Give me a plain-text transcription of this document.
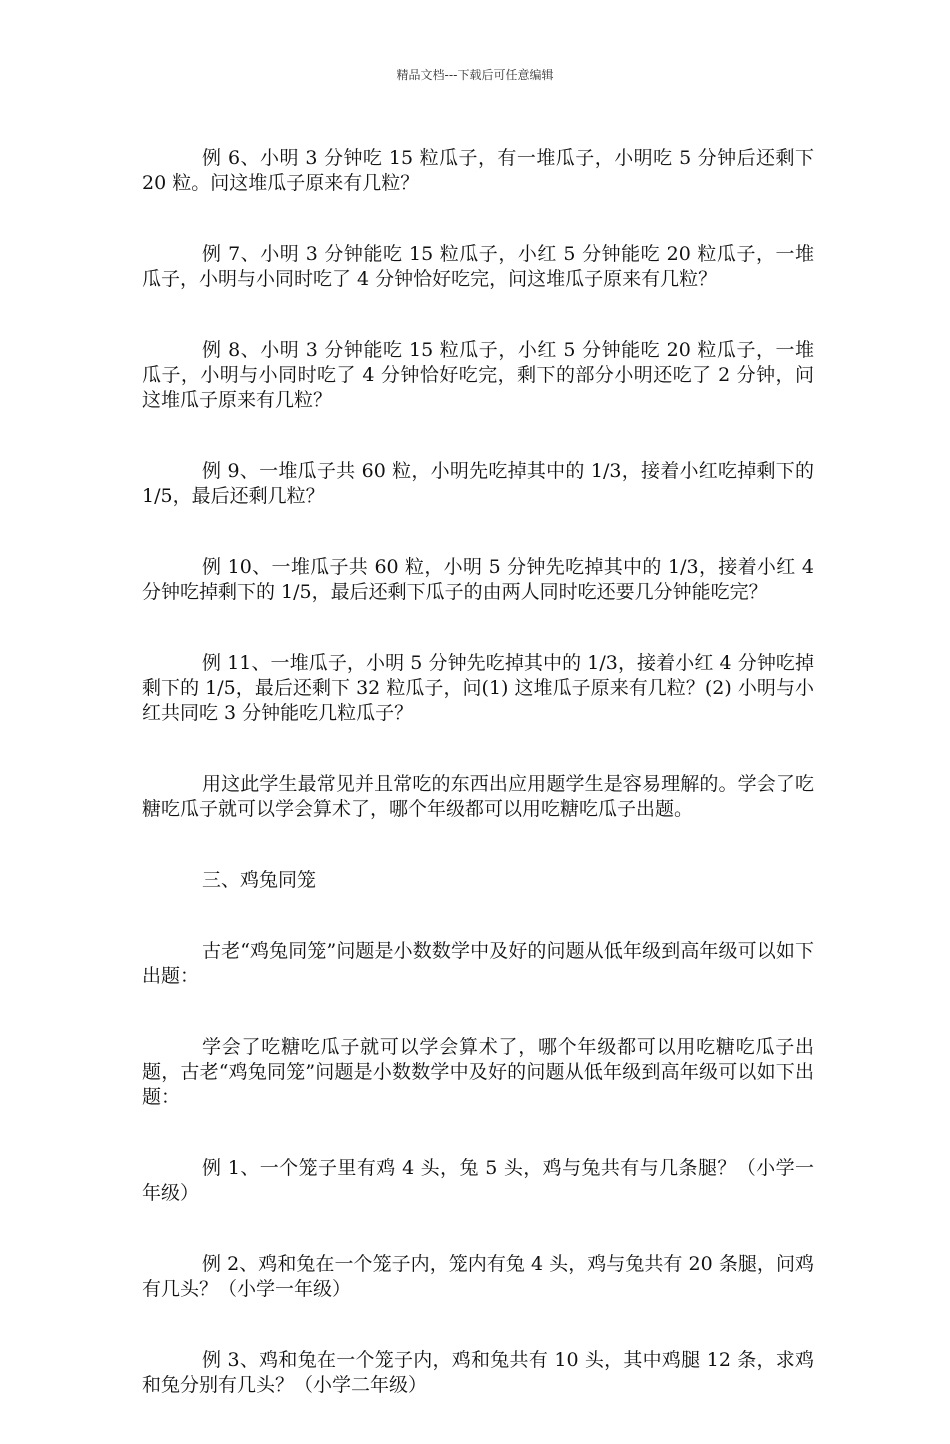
精品文档---下载后可任意编辑

例 6、小明 3 分钟吃 15 粒瓜子，有一堆瓜子，小明吃 5 分钟后还剩下 20 粒。问这堆瓜子原来有几粒？

例 7、小明 3 分钟能吃 15 粒瓜子，小红 5 分钟能吃 20 粒瓜子，一堆瓜子，小明与小同时吃了 4 分钟恰好吃完，问这堆瓜子原来有几粒？

例 8、小明 3 分钟能吃 15 粒瓜子，小红 5 分钟能吃 20 粒瓜子，一堆瓜子，小明与小同时吃了 4 分钟恰好吃完，剩下的部分小明还吃了 2 分钟，问这堆瓜子原来有几粒？

例 9、一堆瓜子共 60 粒，小明先吃掉其中的 1/3，接着小红吃掉剩下的 1/5，最后还剩几粒？

例 10、一堆瓜子共 60 粒，小明 5 分钟先吃掉其中的 1/3，接着小红 4 分钟吃掉剩下的 1/5，最后还剩下瓜子的由两人同时吃还要几分钟能吃完？

例 11、一堆瓜子，小明 5 分钟先吃掉其中的 1/3，接着小红 4 分钟吃掉剩下的 1/5，最后还剩下 32 粒瓜子，问(1) 这堆瓜子原来有几粒？(2) 小明与小红共同吃 3 分钟能吃几粒瓜子？

用这此学生最常见并且常吃的东西出应用题学生是容易理解的。学会了吃糖吃瓜子就可以学会算术了，哪个年级都可以用吃糖吃瓜子出题。

三、鸡兔同笼

古老“鸡兔同笼”问题是小数数学中及好的问题从低年级到高年级可以如下出题：

学会了吃糖吃瓜子就可以学会算术了，哪个年级都可以用吃糖吃瓜子出题，古老“鸡兔同笼”问题是小数数学中及好的问题从低年级到高年级可以如下出题：

例 1、一个笼子里有鸡 4 头，兔 5 头，鸡与兔共有与几条腿？（小学一年级）

例 2、鸡和兔在一个笼子内，笼内有兔 4 头，鸡与兔共有 20 条腿，问鸡有几头？（小学一年级）

例 3、鸡和兔在一个笼子内，鸡和兔共有 10 头，其中鸡腿 12 条，求鸡和兔分别有几头？（小学二年级）
